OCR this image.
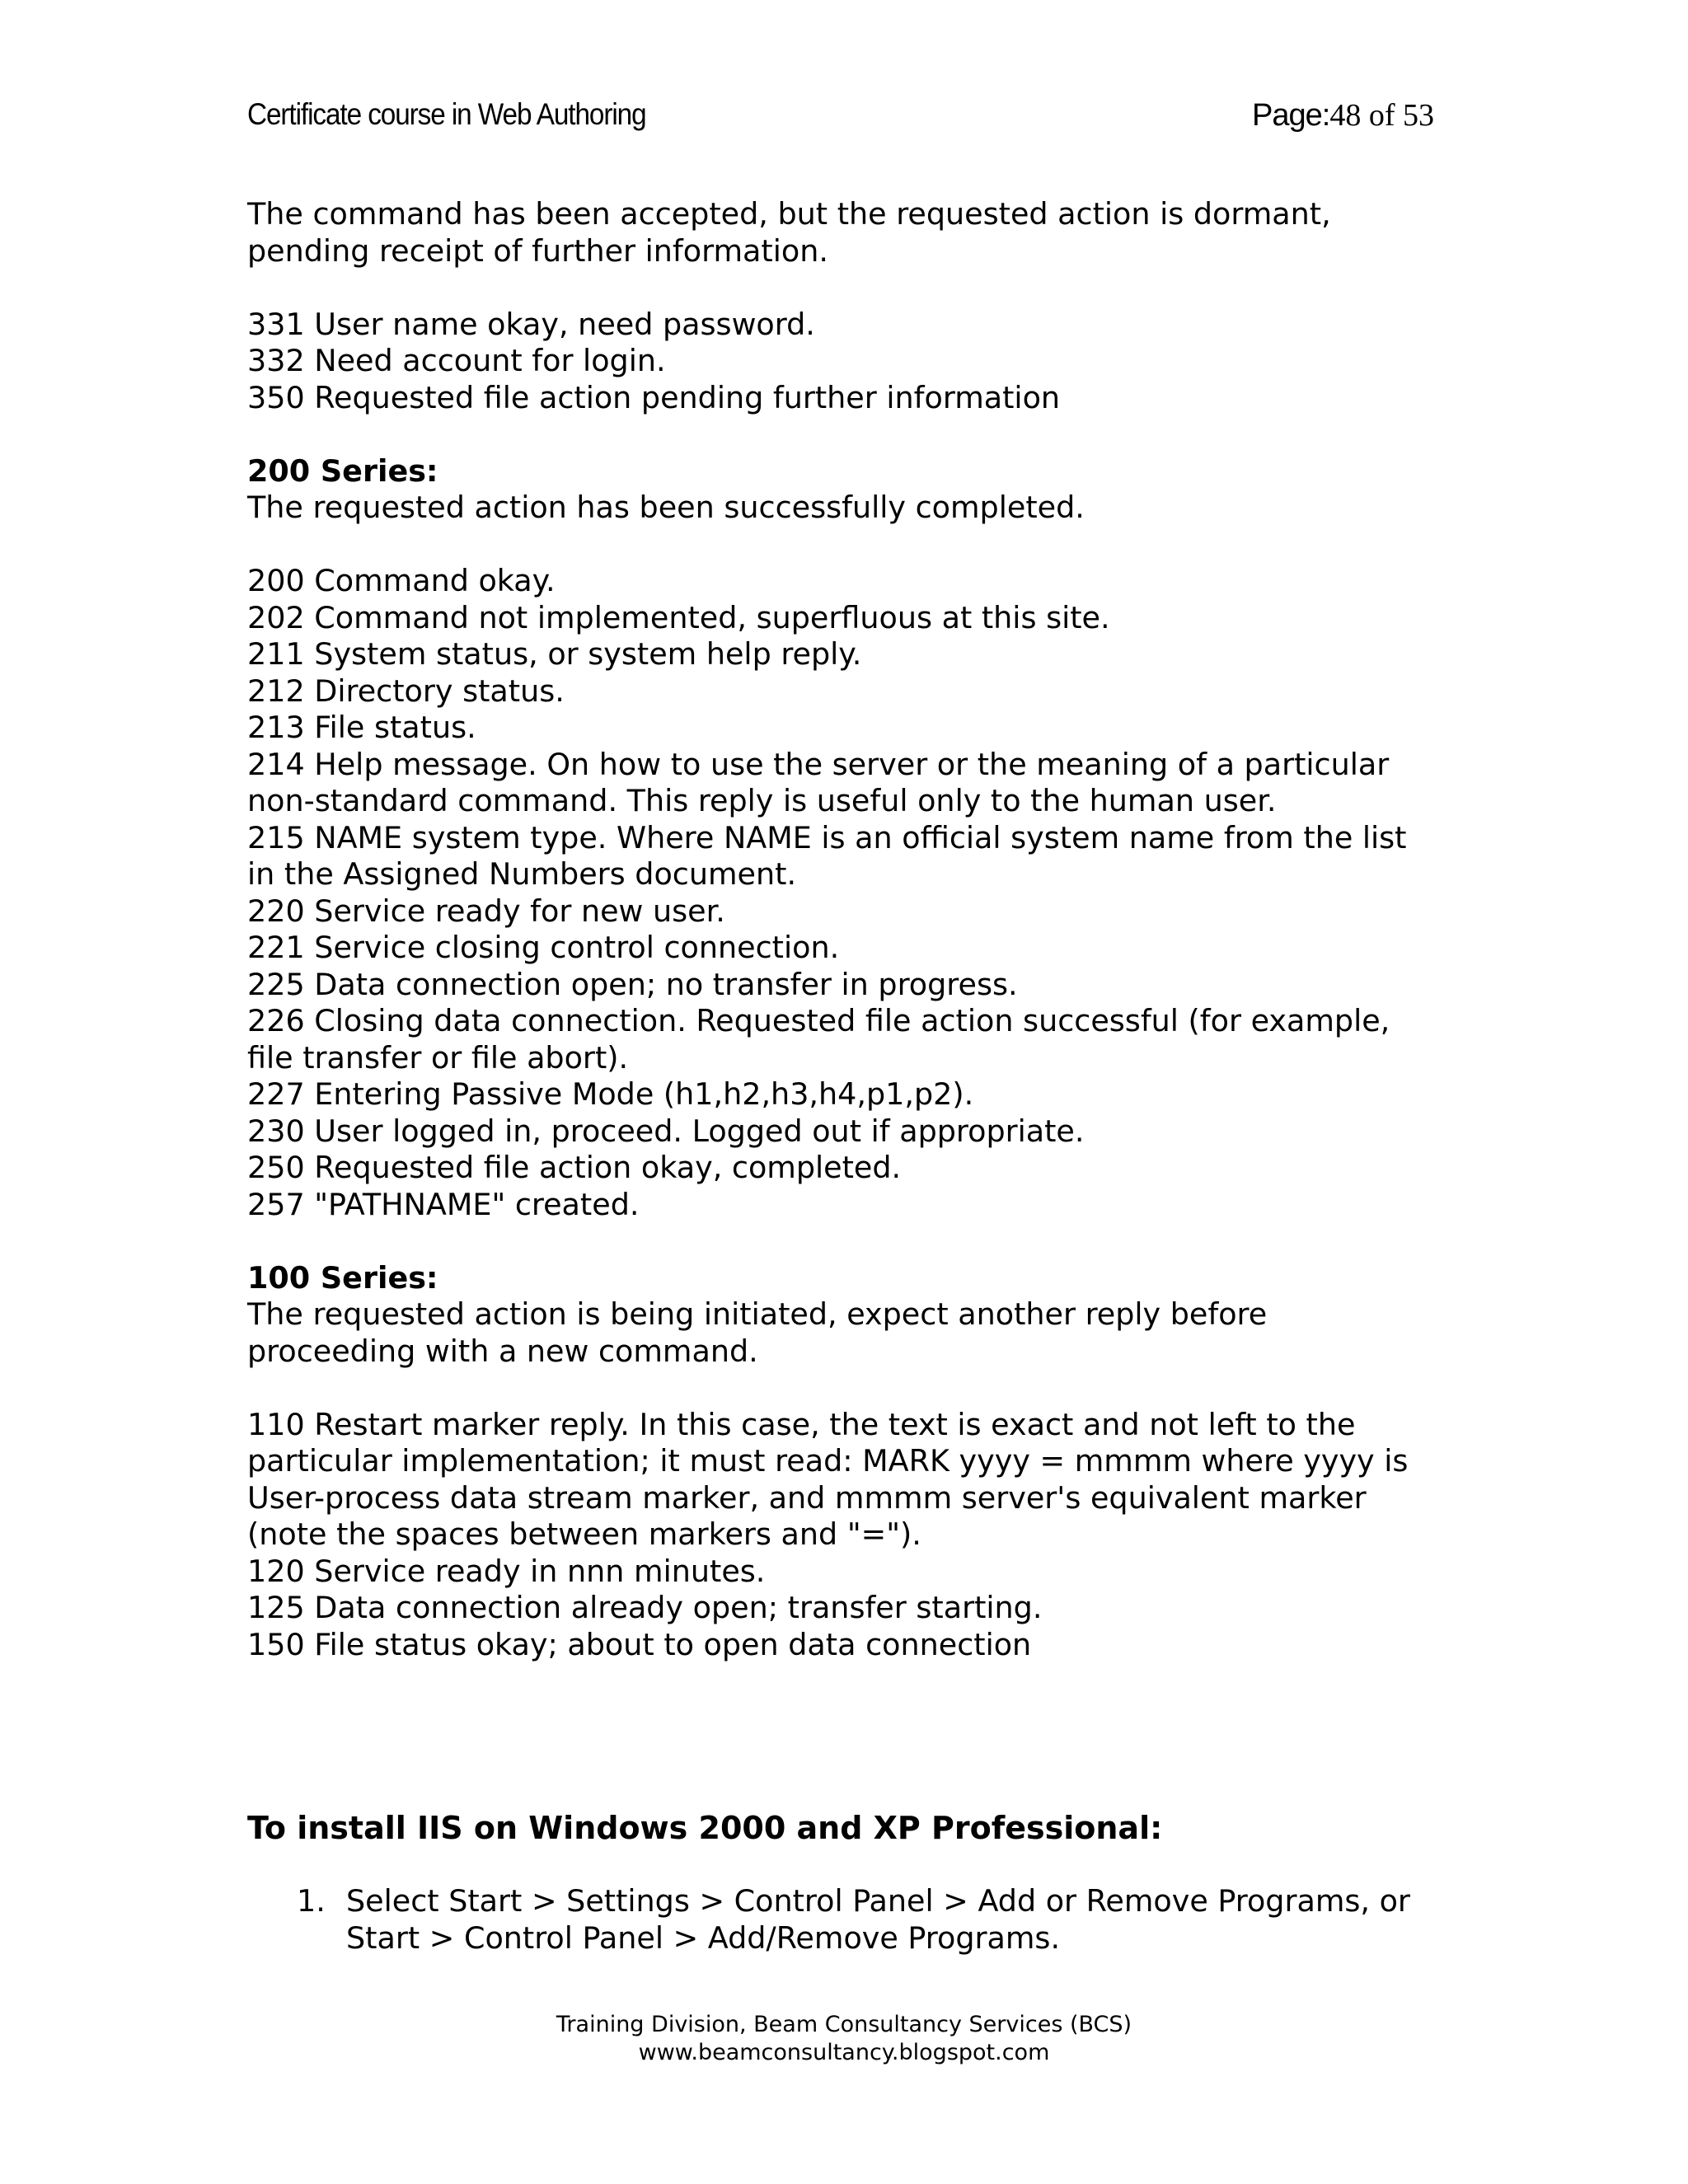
Certificate course in Web Authoring	Page:48 of 53

The command has been accepted, but the requested action is dormant,

pending receipt of further information.

331 User name okay, need password.

332 Need account for login.

350 Requested file action pending further information

200 Series:

The requested action has been successfully completed.

200 Command okay.

202 Command not implemented, superfluous at this site.

211 System status, or system help reply.

212 Directory status.

213 File status.

214 Help message. On how to use the server or the meaning of a particular

non-standard command. This reply is useful only to the human user.

215 NAME system type. Where NAME is an official system name from the list

in the Assigned Numbers document.

220 Service ready for new user.

221 Service closing control connection.

225 Data connection open; no transfer in progress.

226 Closing data connection. Requested file action successful (for example,

file transfer or file abort).

227 Entering Passive Mode (h1,h2,h3,h4,p1,p2).

230 User logged in, proceed. Logged out if appropriate.

250 Requested file action okay, completed.

257 "PATHNAME" created.

100 Series:

The requested action is being initiated, expect another reply before

proceeding with a new command.

110 Restart marker reply. In this case, the text is exact and not left to the

particular implementation; it must read: MARK yyyy = mmmm where yyyy is

User-process data stream marker, and mmmm server's equivalent marker

(note the spaces between markers and "=").

120 Service ready in nnn minutes.

125 Data connection already open; transfer starting.

150 File status okay; about to open data connection

To install IIS on Windows 2000 and XP Professional:

1. Select Start > Settings > Control Panel > Add or Remove Programs, or

Start > Control Panel > Add/Remove Programs.

Training Division, Beam Consultancy Services (BCS)
www.beamconsultancy.blogspot.com
